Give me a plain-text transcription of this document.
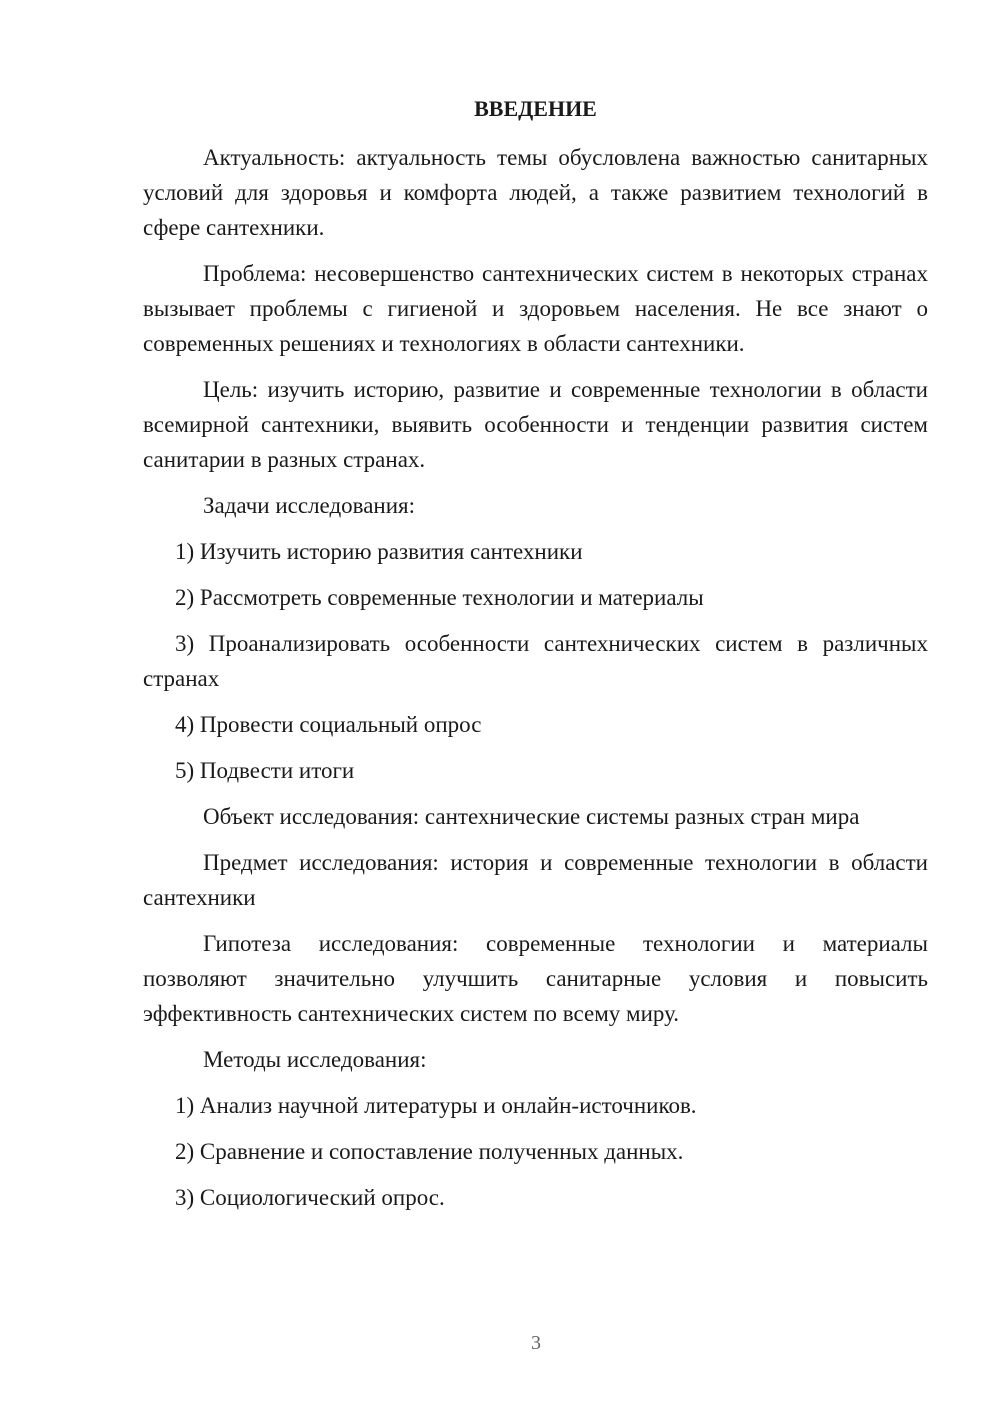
ВВЕДЕНИЕ

Актуальность: актуальность темы обусловлена важностью санитарных условий для здоровья и комфорта людей, а также развитием технологий в сфере сантехники.

Проблема: несовершенство сантехнических систем в некоторых странах вызывает проблемы с гигиеной и здоровьем населения. Не все знают о современных решениях и технологиях в области сантехники.

Цель: изучить историю, развитие и современные технологии в области всемирной сантехники, выявить особенности и тенденции развития систем санитарии в разных странах.

Задачи исследования:

1) Изучить историю развития сантехники

2) Рассмотреть современные технологии и материалы

3) Проанализировать особенности сантехнических систем в различных странах

4) Провести социальный опрос

5) Подвести итоги

Объект исследования: сантехнические системы разных стран мира

Предмет исследования: история и современные технологии в области сантехники

Гипотеза исследования: современные технологии и материалы позволяют значительно улучшить санитарные условия и повысить эффективность сантехнических систем по всему миру.

Методы исследования:

1) Анализ научной литературы и онлайн-источников.

2) Сравнение и сопоставление полученных данных.

3) Социологический опрос.

3
